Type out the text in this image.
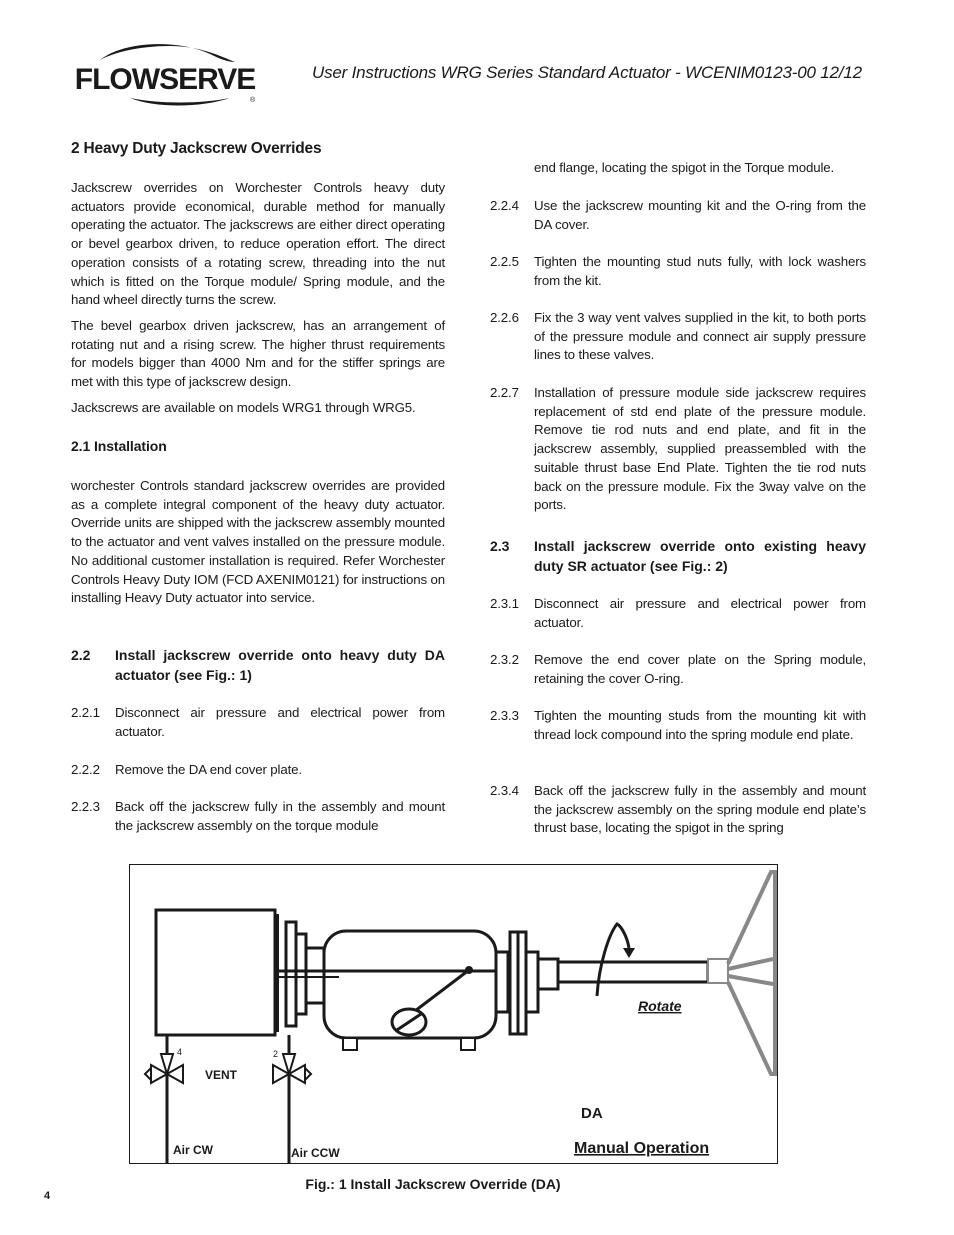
FLOWSERVE
®
User Instructions WRG Series Standard Actuator - WCENIM0123-00 12/12
2 Heavy Duty Jackscrew Overrides

Jackscrew overrides on Worchester Controls heavy duty actuators provide economical, durable method for manually operating the actuator. The jackscrews are either direct operating or bevel gearbox driven, to reduce operation effort. The direct operation consists of a rotating screw, threading into the nut which is fitted on the Torque module/ Spring module, and the hand wheel directly turns the screw.

The bevel gearbox driven jackscrew, has an arrangement of rotating nut and a rising screw. The higher thrust requirements for models bigger than 4000 Nm and for the stiffer springs are met with this type of jackscrew design.

Jackscrews are available on models WRG1 through WRG5.

2.1 Installation

worchester Controls standard jackscrew overrides are provided as a complete integral component of the heavy duty actuator. Override units are shipped with the jackscrew assembly mounted to the actuator and vent valves installed on the pressure module. No additional customer installation is required. Refer Worchester Controls Heavy Duty IOM (FCD AXENIM0121) for instructions on installing Heavy Duty actuator into service.

2.2	Install jackscrew override onto heavy duty DA actuator (see Fig.: 1)
2.2.1	Disconnect air pressure and electrical power from actuator.
2.2.2	Remove the DA end cover plate.
2.2.3	Back off the jackscrew fully in the assembly and mount the jackscrew assembly on the torque module

end flange, locating the spigot in the Torque module.

2.2.4	Use the jackscrew mounting kit and the O-ring from the DA cover.
2.2.5	Tighten the mounting stud nuts fully, with lock washers from the kit.
2.2.6	Fix the 3 way vent valves supplied in the kit, to both ports of the pressure module and connect air supply pressure lines to these valves.
2.2.7	Installation of pressure module side jackscrew requires replacement of std end plate of the pressure module. Remove tie rod nuts and end plate, and fit in the jackscrew assembly, supplied preassembled with the suitable thrust base End Plate. Tighten the tie rod nuts back on the pressure module. Fix the 3way valve on the ports.
2.3	Install jackscrew override onto existing heavy duty SR actuator (see Fig.: 2)
2.3.1	Disconnect air pressure and electrical power from actuator.
2.3.2	Remove the end cover plate on the Spring module, retaining the cover O-ring.
2.3.3	Tighten the mounting studs from the mounting kit with thread lock compound into the spring module end plate.
2.3.4	Back off the jackscrew fully in the assembly and mount the jackscrew assembly on the spring module end plate’s thrust base, locating the spigot in the spring
4	2
VENT
Air CW	Air CCW
Rotate
DA
Manual Operation
Fig.: 1 Install Jackscrew Override (DA)
4
